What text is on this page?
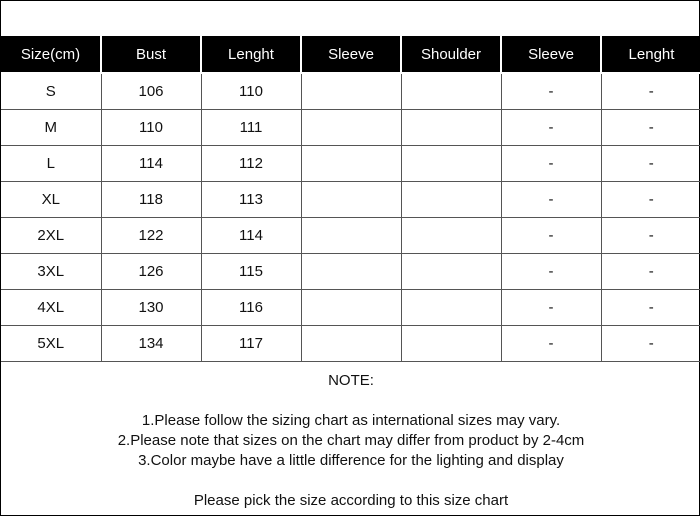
Size(cm)	Bust	Lenght	Sleeve	Shoulder	Sleeve	Lenght
S	106	110			-	-
M	110	111			-	-
L	114	112			-	-
XL	118	113			-	-
2XL	122	114			-	-
3XL	126	115			-	-
4XL	130	116			-	-
5XL	134	117			-	-

NOTE:

1.Please follow the sizing chart as international sizes may vary.

2.Please note that sizes on the chart may differ from product by 2-4cm

3.Color maybe have a little difference for the lighting and display

Please pick the size according to this size chart
